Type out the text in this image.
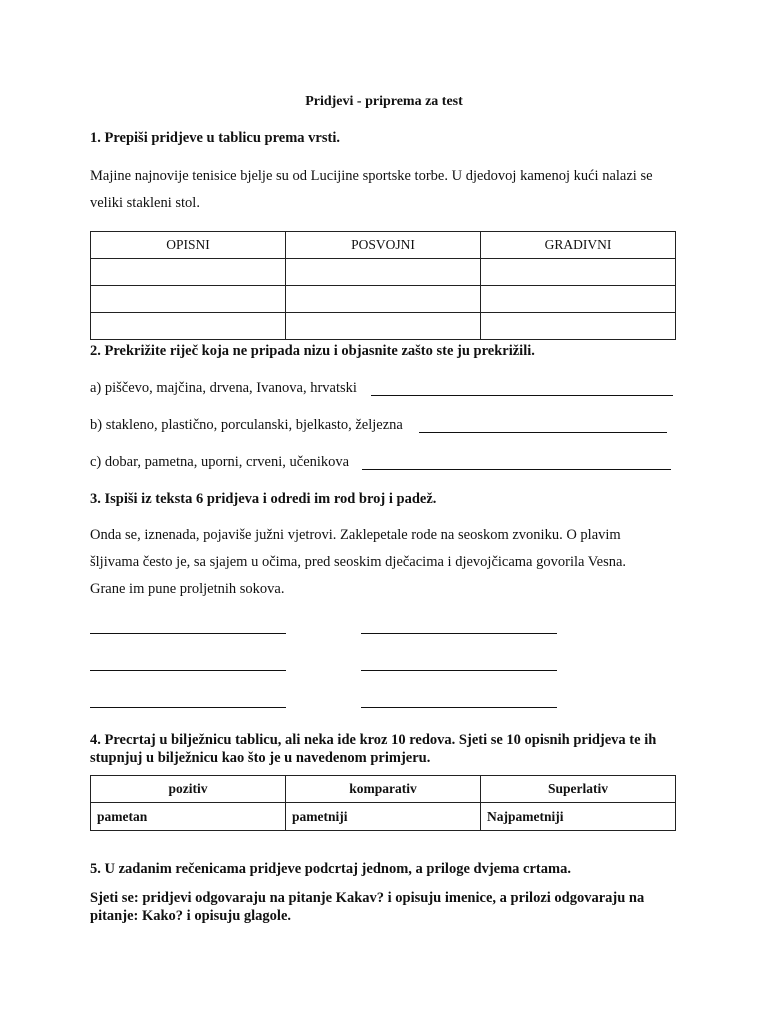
Pridjevi - priprema za test
1. Prepiši pridjeve u tablicu prema vrsti.
Majine najnovije tenisice bjelje su od Lucijine sportske torbe. U djedovoj kamenoj kući nalazi se
veliki stakleni stol.
OPISNI	POSVOJNI	GRADIVNI

2. Prekrižite riječ koja ne pripada nizu i objasnite zašto ste ju prekrižili.
a) piščevo, majčina, drvena, Ivanova, hrvatski
b) stakleno, plastično, porculanski, bjelkasto, željezna
c) dobar, pametna, uporni, crveni, učenikova
3. Ispiši iz teksta 6 pridjeva i odredi im rod broj i padež.
Onda se, iznenada, pojaviše južni vjetrovi. Zaklepetale rode na seoskom zvoniku. O plavim
šljivama često je, sa sjajem u očima, pred seoskim dječacima i djevojčicama govorila Vesna.
Grane im pune proljetnih sokova.
4. Precrtaj u bilježnicu tablicu, ali neka ide kroz 10 redova. Sjeti se 10 opisnih pridjeva te ih stupnjuj u bilježnicu kao što je u navedenom primjeru.
pozitiv	komparativ	Superlativ
pametan	pametniji	Najpametniji
5. U zadanim rečenicama pridjeve podcrtaj jednom, a priloge dvjema crtama.
Sjeti se: pridjevi odgovaraju na pitanje Kakav? i opisuju imenice, a prilozi odgovaraju na pitanje: Kako? i opisuju glagole.
